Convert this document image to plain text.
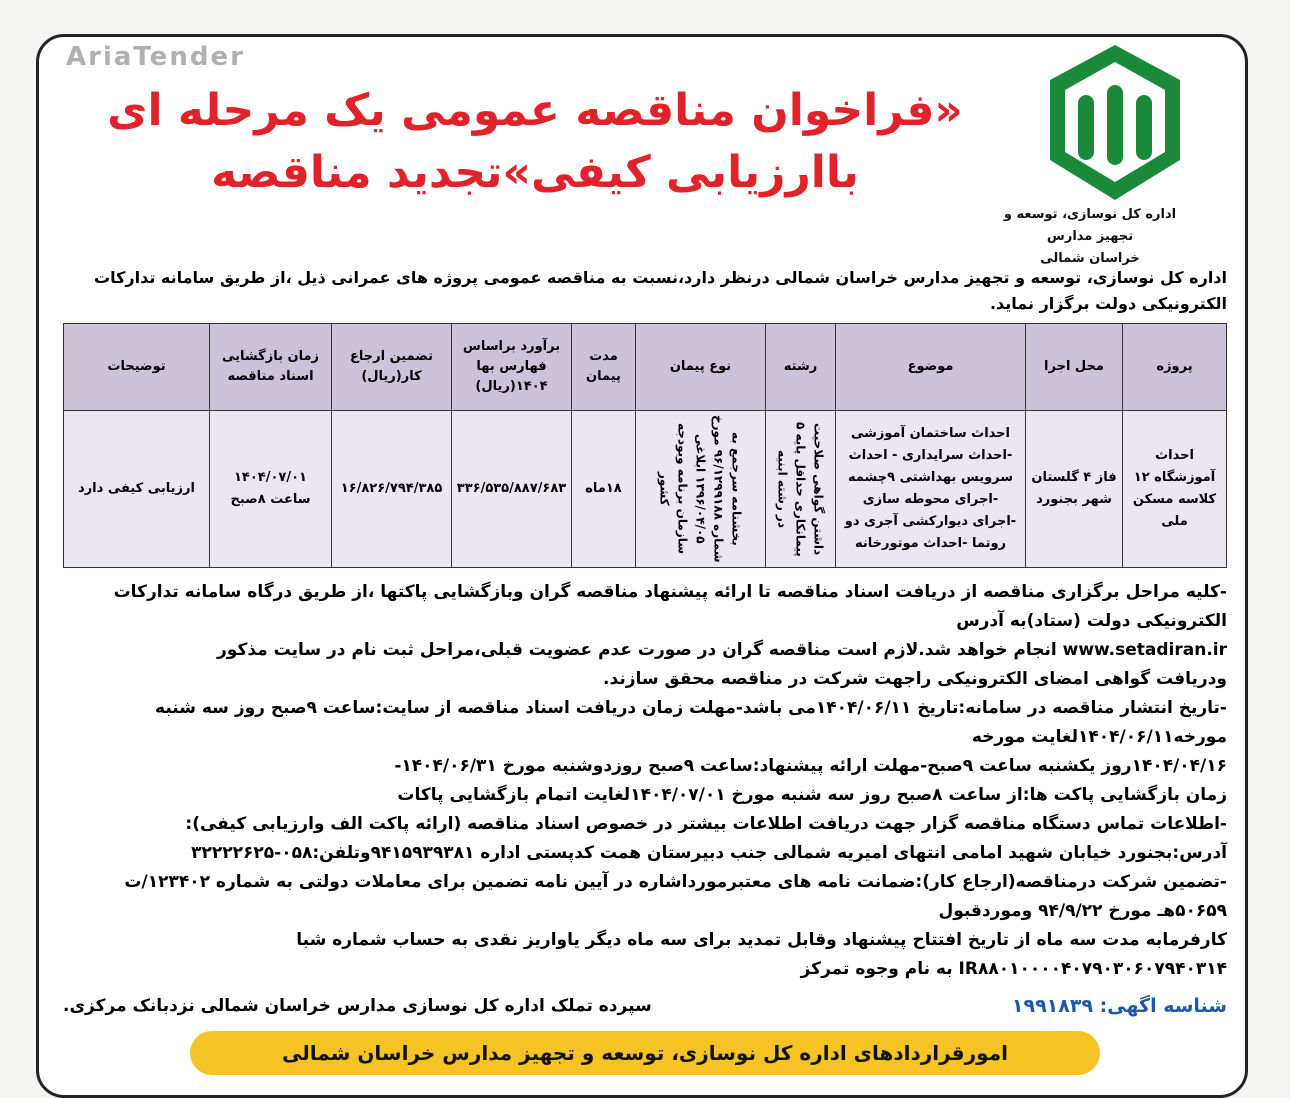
اداره کل نوسازی، توسعه و تجهیز مدارس خراسان شمالی درنظر دارد،نسبت به مناقصه عمومی پروژه های عمرانی ذیل ،از طریق سامانه تدارکات الکترونیکی دولت برگزار نماید.
پروژه	محل اجرا	موضوع	رشته	نوع پیمان	مدت پیمان	برآورد براساس فهارس بها ۱۴۰۴(ریال)	تضمین ارجاع کار(ریال)	زمان بازگشایی اسناد مناقصه	توضیحات
احداث آموزشگاه ۱۲ کلاسه مسکن ملی	فاز ۴ گلستان شهر بجنورد	احداث ساختمان آموزشی -احداث سرایداری - احداث سرویس بهداشتی ۹چشمه -اجرای محوطه سازی -اجرای دیوارکشی آجری دو روتما -احداث موتورخانه	داشتن گواهی صلاحیت پیمانکاری حداقل پایه ۵ در رشته ابنیه	بخشنامه سرجمع به شماره ۹۶/۱۲۹۹۱۸۸ مورخ ۱۳۹۶/۰۴/۰۵ ابلاغی سازمان برنامه وبودجه کشور	۱۸ماه	۳۳۶/۵۳۵/۸۸۷/۶۸۳	۱۶/۸۲۶/۷۹۴/۳۸۵	۱۴۰۴/۰۷/۰۱ ساعت ۸صبح	ارزیابی کیفی دارد
-کلیه مراحل برگزاری مناقصه از دریافت اسناد مناقصه تا ارائه پیشنهاد مناقصه گران وبازگشایی پاکتها ،از طریق درگاه سامانه تدارکات الکترونیکی دولت (ستاد)به آدرس
www.setadiran.ir انجام خواهد شد.لازم است مناقصه گران در صورت عدم عضویت قبلی،مراحل ثبت نام در سایت مذکور
ودریافت گواهی امضای الکترونیکی راجهت شرکت در مناقصه محقق سازند.
-تاریخ انتشار مناقصه در سامانه:تاریخ ۱۴۰۴/۰۶/۱۱می باشد-مهلت زمان دریافت اسناد مناقصه از سایت:ساعت ۹صبح روز سه شنبه مورخه۱۴۰۴/۰۶/۱۱لغایت مورخه
۱۴۰۴/۰۴/۱۶روز یکشنبه ساعت ۹صبح-مهلت ارائه پیشنهاد:ساعت ۹صبح روزدوشنبه مورخ ۱۴۰۴/۰۶/۳۱-
زمان بازگشایی پاکت ها:از ساعت ۸صبح روز سه شنبه مورخ ۱۴۰۴/۰۷/۰۱لغایت اتمام بازگشایی پاکات
-اطلاعات تماس دستگاه مناقصه گزار جهت دریافت اطلاعات بیشتر در خصوص اسناد مناقصه (ارائه پاکت الف وارزیابی کیفی):
آدرس:بجنورد خیابان شهید امامی انتهای امیریه شمالی جنب دبیرستان همت کدپستی اداره ۹۴۱۵۹۳۹۳۸۱وتلفن:۰۵۸-۳۲۲۲۲۶۲۵
-تضمین شرکت درمناقصه(ارجاع کار):ضمانت نامه های معتبرمورداشاره در آیین نامه تضمین برای معاملات دولتی به شماره ۱۲۳۴۰۲/ت ۵۰۶۵۹هـ مورخ ۹۴/۹/۲۲ وموردقبول
کارفرمابه مدت سه ماه از تاریخ افتتاح پیشنهاد وقابل تمدید برای سه ماه دیگر یاواریز نقدی به حساب شماره شبا IR۸۸۰۱۰۰۰۰۴۰۷۹۰۳۰۶۰۷۹۴۰۳۱۴ به نام وجوه تمرکز
سپرده تملک اداره کل نوسازی مدارس خراسان شمالی نزدبانک مرکزی.	شناسه اگهی: ۱۹۹۱۸۳۹
امورقراردادهای اداره کل نوسازی، توسعه و تجهیز مدارس خراسان شمالی
AriaTender
اداره کل نوسازی، توسعه و تجهیز مدارس
خراسان شمالی
«فراخوان مناقصه عمومی یک مرحله ای
باارزیابی کیفی»تجدید مناقصه
